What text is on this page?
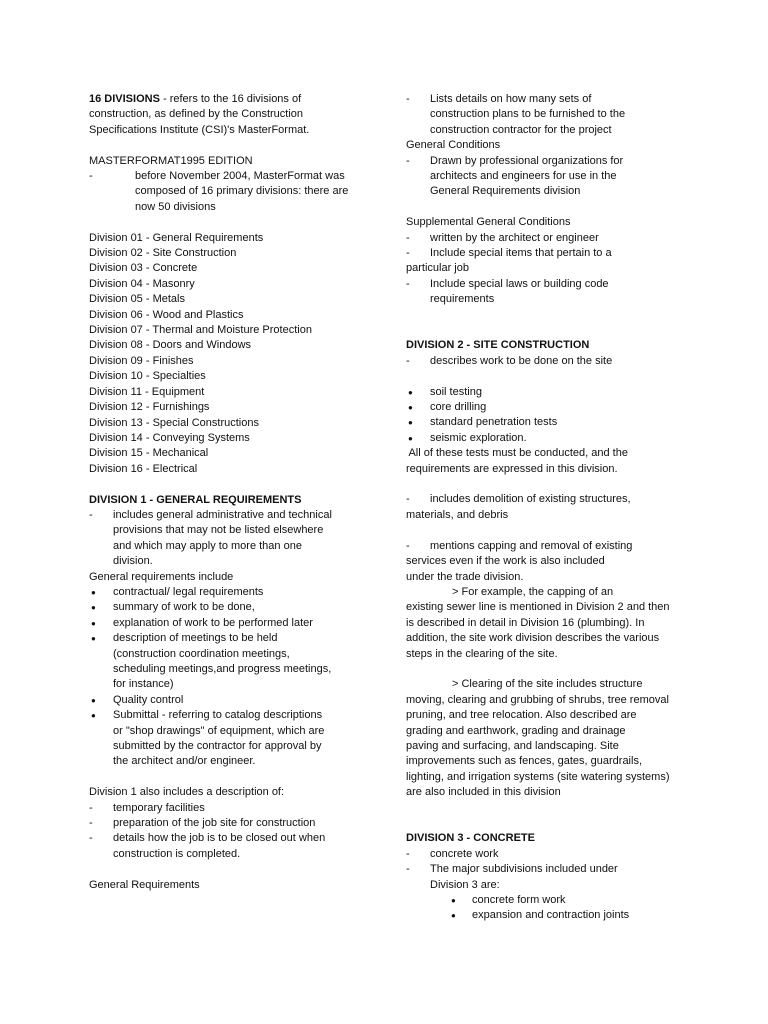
16 DIVISIONS - refers to the 16 divisions of
construction, as defined by the Construction
Specifications Institute (CSI)'s MasterFormat.
MASTERFORMAT1995 EDITION
- before November 2004, MasterFormat was
composed of 16 primary divisions: there are
now 50 divisions
Division 01 - General Requirements
Division 02 - Site Construction
Division 03 - Concrete
Division 04 - Masonry
Division 05 - Metals
Division 06 - Wood and Plastics
Division 07 - Thermal and Moisture Protection
Division 08 - Doors and Windows
Division 09 - Finishes
Division 10 - Specialties
Division 11 - Equipment
Division 12 - Furnishings
Division 13 - Special Constructions
Division 14 - Conveying Systems
Division 15 - Mechanical
Division 16 - Electrical
DIVISION 1 - GENERAL REQUIREMENTS
- includes general administrative and technical
provisions that may not be listed elsewhere
and which may apply to more than one
division.
General requirements include
● contractual/ legal requirements
● summary of work to be done,
● explanation of work to be performed later
● description of meetings to be held
(construction coordination meetings,
scheduling meetings,and progress meetings,
for instance)
● Quality control
● Submittal - referring to catalog descriptions
or "shop drawings" of equipment, which are
submitted by the contractor for approval by
the architect and/or engineer.
Division 1 also includes a description of:
- temporary facilities
- preparation of the job site for construction
- details how the job is to be closed out when
construction is completed.
General Requirements
- Lists details on how many sets of
construction plans to be furnished to the
construction contractor for the project
General Conditions
- Drawn by professional organizations for
architects and engineers for use in the
General Requirements division
Supplemental General Conditions
- written by the architect or engineer
- Include special items that pertain to a
particular job
- Include special laws or building code
requirements
DIVISION 2 - SITE CONSTRUCTION
- describes work to be done on the site
● soil testing
● core drilling
● standard penetration tests
● seismic exploration.
All of these tests must be conducted, and the
requirements are expressed in this division.
- includes demolition of existing structures,
materials, and debris
- mentions capping and removal of existing
services even if the work is also included
under the trade division.
> For example, the capping of an
existing sewer line is mentioned in Division 2 and then
is described in detail in Division 16 (plumbing). In
addition, the site work division describes the various
steps in the clearing of the site.
> Clearing of the site includes structure
moving, clearing and grubbing of shrubs, tree removal
pruning, and tree relocation. Also described are
grading and earthwork, grading and drainage
paving and surfacing, and landscaping. Site
improvements such as fences, gates, guardrails,
lighting, and irrigation systems (site watering systems)
are also included in this division
DIVISION 3 - CONCRETE
- concrete work
- The major subdivisions included under
Division 3 are:
● concrete form work
● expansion and contraction joints
